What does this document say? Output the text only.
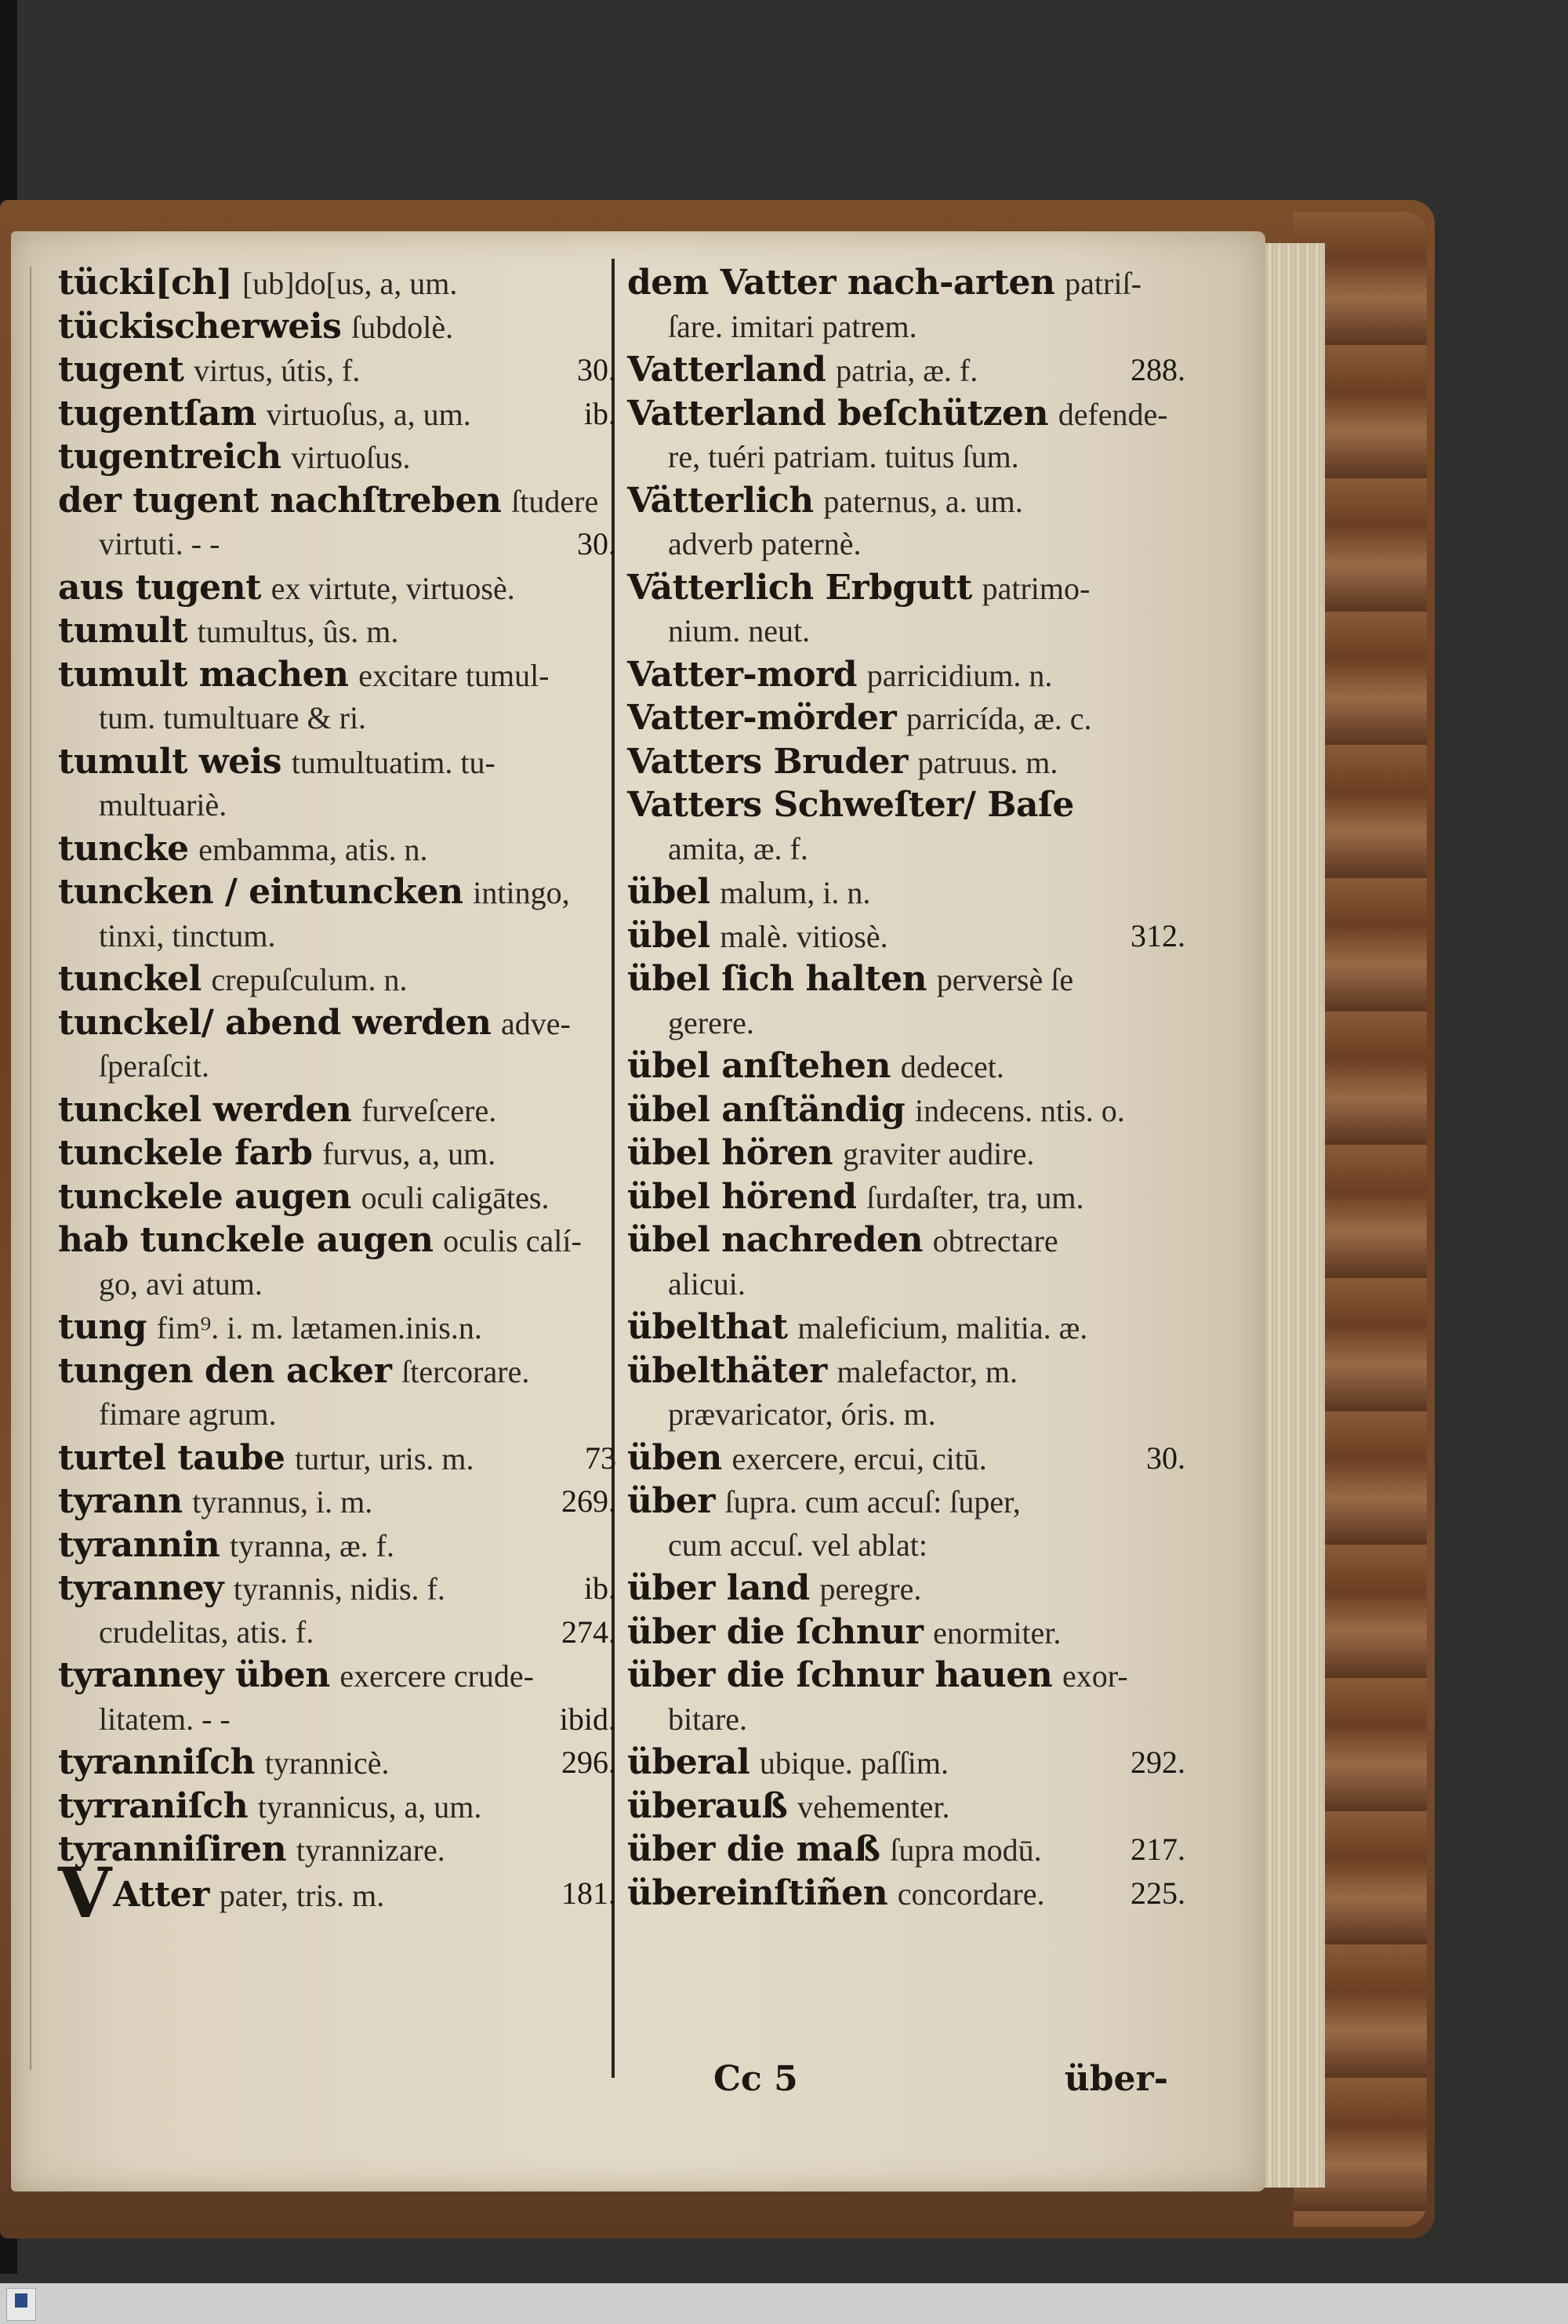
tücki[ch] [ub]do[us, a, um.
tückischerweis ſubdolè.
tugent virtus, útis, f.	30.
tugentſam virtuoſus, a, um.	ib.
tugentreich virtuoſus.
der tugent nachſtreben ſtudere
virtuti. - -	30.
aus tugent ex virtute, virtuosè.
tumult tumultus, ûs. m.
tumult machen excitare tumul-
tum. tumultuare & ri.
tumult weis tumultuatim. tu-
multuariè.
tuncke embamma, atis. n.
tuncken / eintuncken intingo,
tinxi, tinctum.
tunckel crepuſculum. n.
tunckel/ abend werden adve-
ſperaſcit.
tunckel werden furveſcere.
tunckele farb furvus, a, um.
tunckele augen oculi caligātes.
hab tunckele augen oculis calí-
go, avi atum.
tung fim⁹. i. m. lætamen.inis.n.
tungen den acker ſtercorare.
fimare agrum.
turtel taube turtur, uris. m.	73
tyrann tyrannus, i. m.	269.
tyrannin tyranna, æ. f.
tyranney tyrannis, nidis. f.	ib.
crudelitas, atis. f.	274.
tyranney üben exercere crude-
litatem. - -	ibid.
tyranniſch tyrannicè.	296.
tyrraniſch tyrannicus, a, um.
tyranniſiren tyrannizare.
VAtter pater, tris. m.	181.
dem Vatter nach-arten patriſ-
ſare. imitari patrem.
Vatterland patria, æ. f.	288.
Vatterland beſchützen defende-
re, tuéri patriam. tuitus ſum.
Vätterlich paternus, a. um.
adverb paternè.
Vätterlich Erbgutt patrimo-
nium. neut.
Vatter-mord parricidium. n.
Vatter-mörder parricída, æ. c.
Vatters Bruder patruus. m.
Vatters Schweſter/ Baſe
amita, æ. f.
übel malum, i. n.
übel malè. vitiosè.	312.
übel ſich halten perversè ſe
gerere.
übel anſtehen dedecet.
übel anſtändig indecens. ntis. o.
übel hören graviter audire.
übel hörend ſurdaſter, tra, um.
übel nachreden obtrectare
alicui.
übelthat maleficium, malitia. æ.
übelthäter malefactor, m.
prævaricator, óris. m.
üben exercere, ercui, citū.	30.
über ſupra. cum accuſ: ſuper,
cum accuſ. vel ablat:
über land peregre.
über die ſchnur enormiter.
über die ſchnur hauen exor-
bitare.
überal ubique. paſſim.	292.
überauß vehementer.
über die maß ſupra modū.	217.
übereinſtiñen concordare.	225.
Cc 5	über-
